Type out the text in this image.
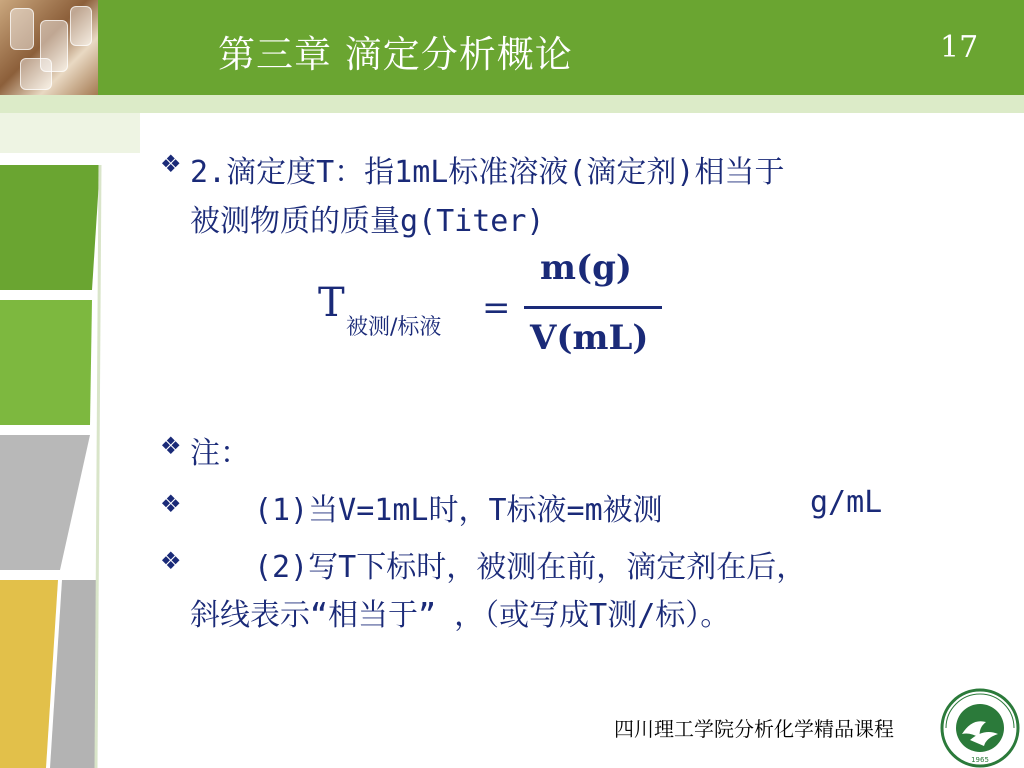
第三章 滴定分析概论	17
❖ 2.滴定度T：指1mL标准溶液(滴定剂)相当于
被测物质的质量g(Titer)
T
被测/标液 =
m(g)
V(mL)
❖ 注：
❖ (1)当V=1mL时，T标液=m被测	g/mL
❖ (2)写T下标时，被测在前，滴定剂在后，
斜线表示“相当于” ，（或写成T测/标）。
四川理工学院分析化学精品课程
1965
